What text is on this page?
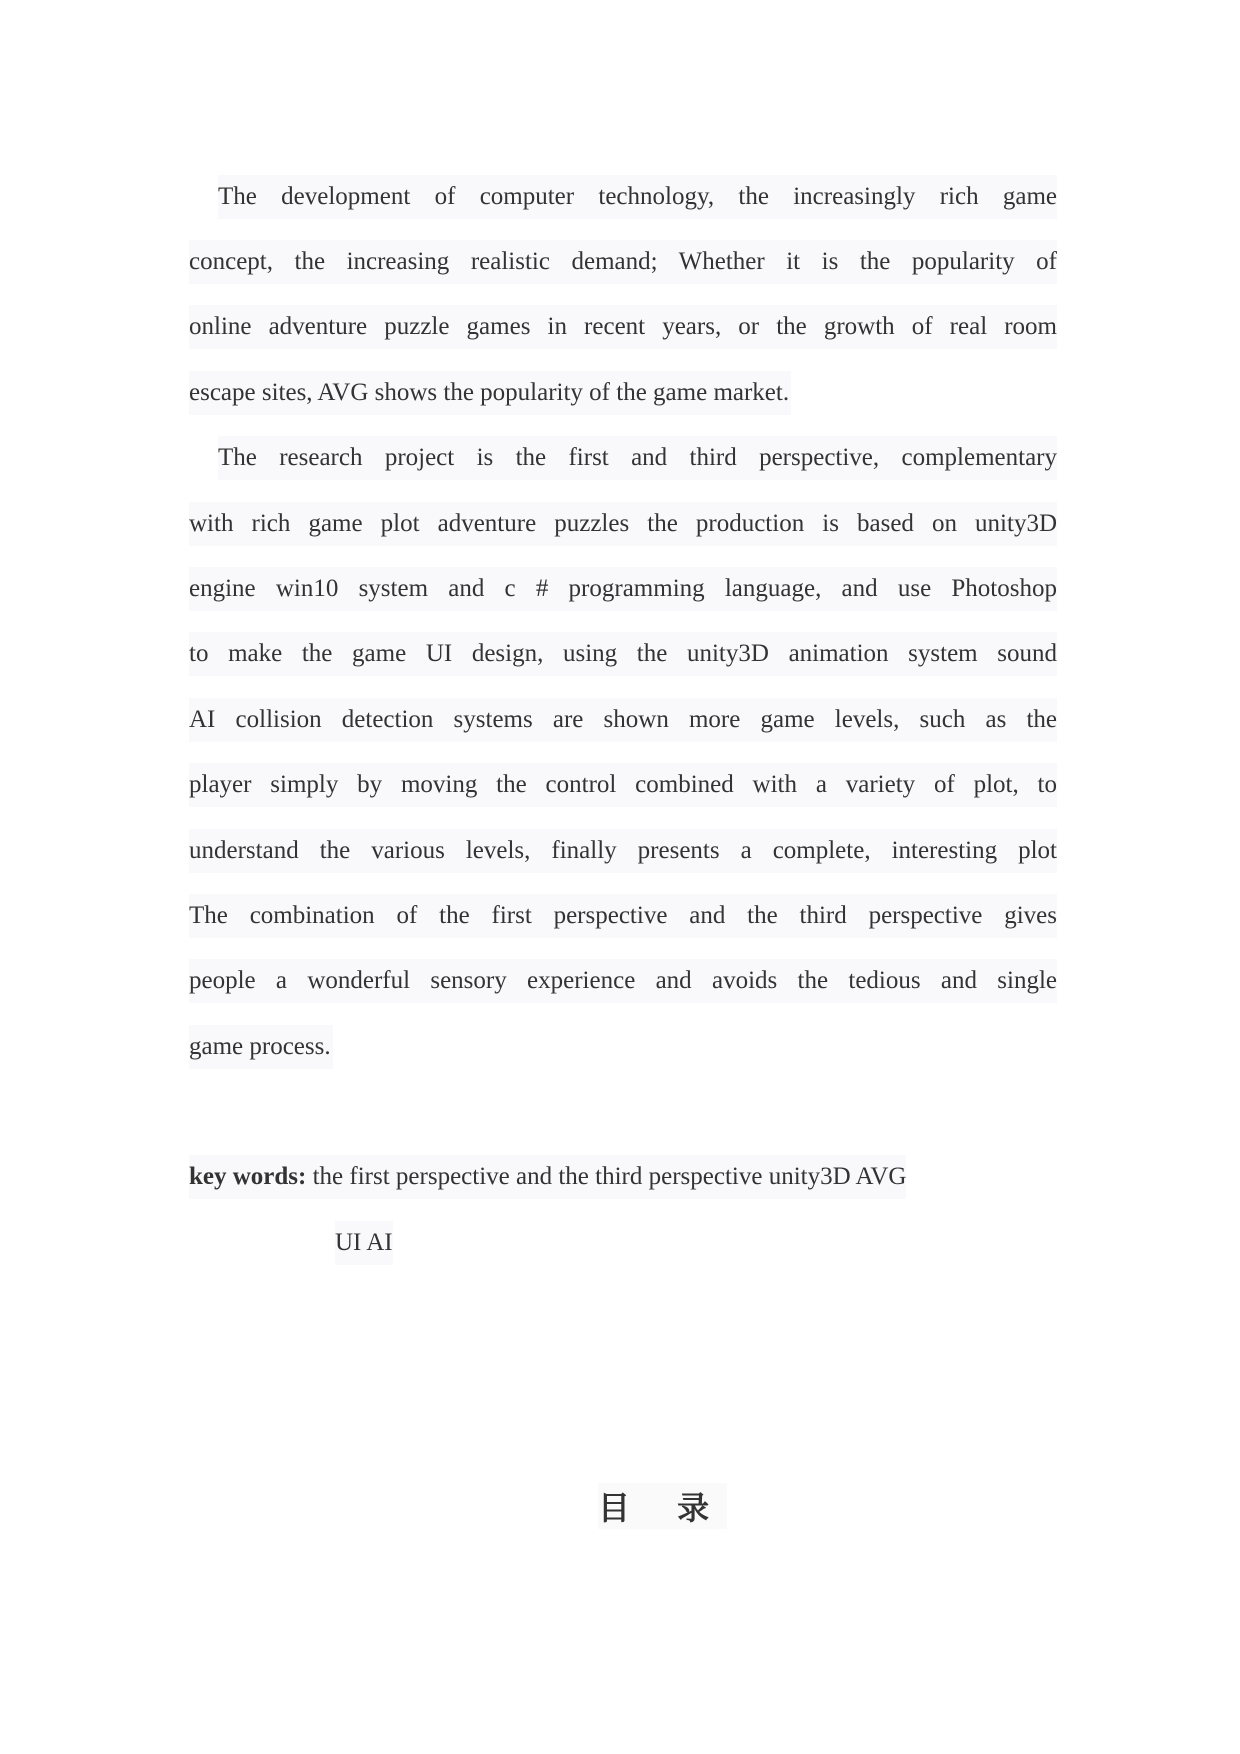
The development of computer technology, the increasingly rich game
concept, the increasing realistic demand; Whether it is the popularity of
online adventure puzzle games in recent years, or the growth of real room
escape sites, AVG shows the popularity of the game market.
The research project is the first and third perspective, complementary
with rich game plot adventure puzzles the production is based on unity3D
engine win10 system and c # programming language, and use Photoshop
to make the game UI design, using the unity3D animation system sound
AI collision detection systems are shown more game levels, such as the
player simply by moving the control combined with a variety of plot, to
understand the various levels, finally presents a complete, interesting plot
The combination of the first perspective and the third perspective gives
people a wonderful sensory experience and avoids the tedious and single
game process.
key words: the first perspective and the third perspective unity3D AVG
UI AI
目 录
